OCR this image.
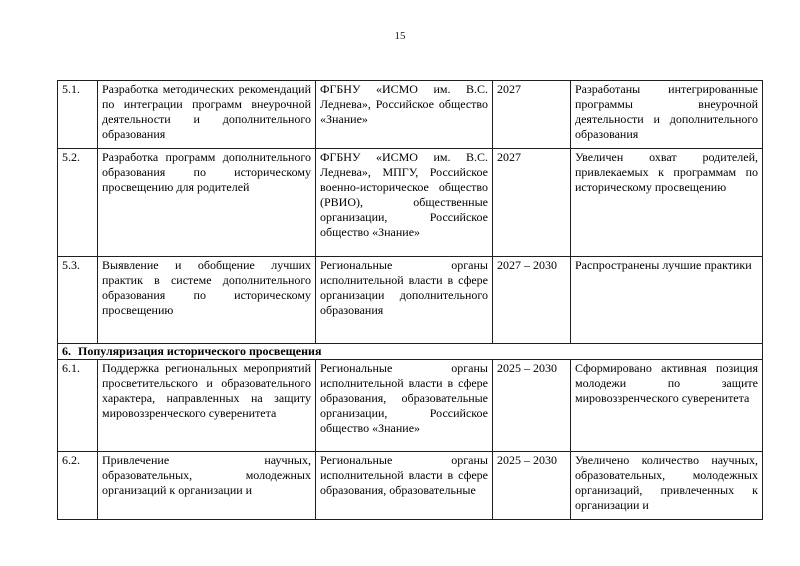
15
5.1.	Разработка методических рекомендаций по интеграции программ внеурочной деятельности и дополнительного образования	ФГБНУ «ИСМО им. В.С. Леднева», Российское общество «Знание»	2027	Разработаны интегрированные программы внеурочной деятельности и дополнительного образования
5.2.	Разработка программ дополнительного образования по историческому просвещению для родителей	ФГБНУ «ИСМО им. В.С. Леднева», МПГУ, Российское военно-историческое общество (РВИО), общественные организации, Российское общество «Знание»	2027	Увеличен охват родителей, привлекаемых к программам по историческому просвещению
5.3.	Выявление и обобщение лучших практик в системе дополнительного образования по историческому просвещению	Региональные органы исполнительной власти в сфере организации дополнительного образования	2027 – 2030	Распространены лучшие практики
6. Популяризация исторического просвещения				
6.1.	Поддержка региональных мероприятий просветительского и образовательного характера, направленных на защиту мировоззренческого суверенитета	Региональные органы исполнительной власти в сфере образования, образовательные организации, Российское общество «Знание»	2025 – 2030	Сформировано активная позиция молодежи по защите мировоззренческого суверенитета
6.2.	Привлечение научных, образовательных, молодежных организаций к организации и	Региональные органы исполнительной власти в сфере образования, образовательные	2025 – 2030	Увеличено количество научных, образовательных, молодежных организаций, привлеченных к организации и
